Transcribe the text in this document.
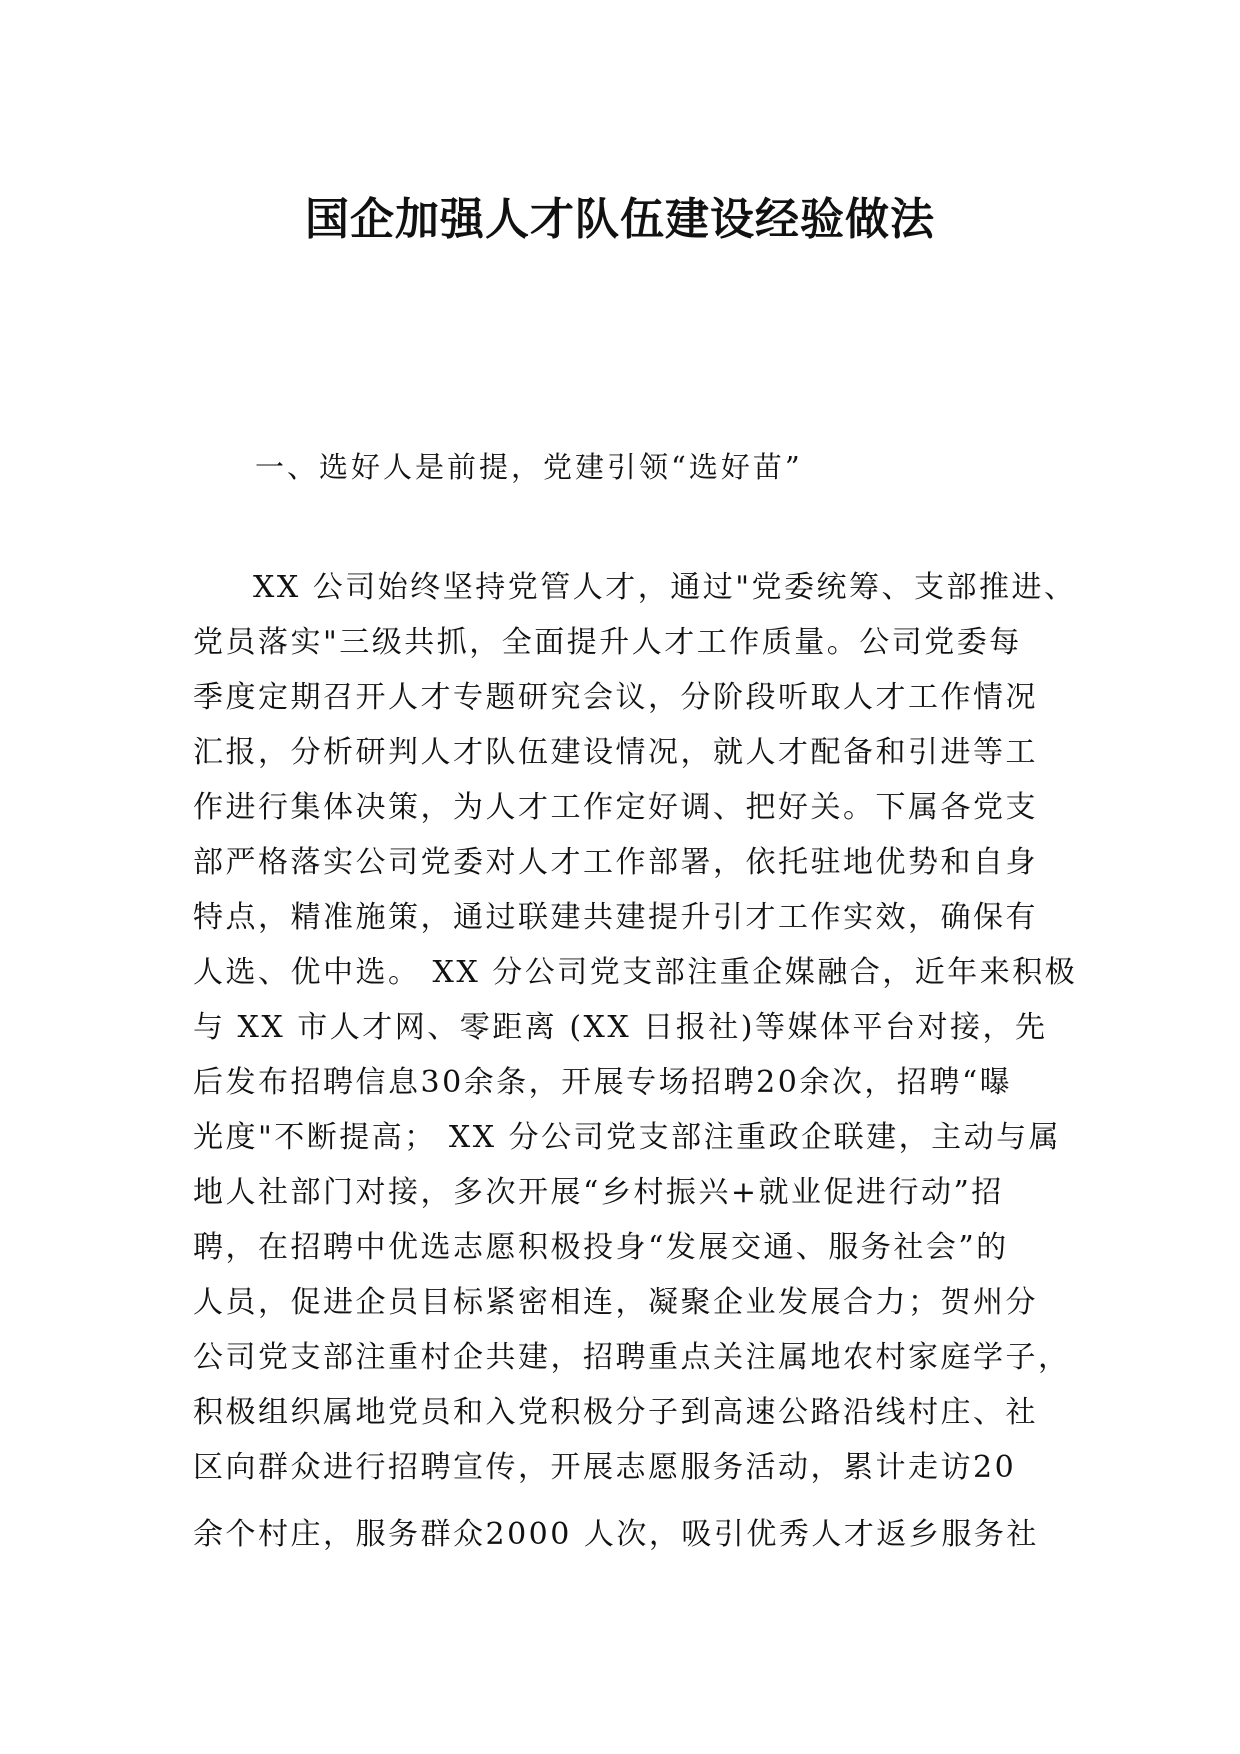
国企加强人才队伍建设经验做法
一、选好人是前提，党建引领“选好苗”
XX 公司始终坚持党管人才，通过"党委统筹、支部推进、
党员落实"三级共抓，全面提升人才工作质量。公司党委每
季度定期召开人才专题研究会议，分阶段听取人才工作情况
汇报，分析研判人才队伍建设情况，就人才配备和引进等工
作进行集体决策，为人才工作定好调、把好关。下属各党支
部严格落实公司党委对人才工作部署，依托驻地优势和自身
特点，精准施策，通过联建共建提升引才工作实效，确保有
人选、优中选。 XX 分公司党支部注重企媒融合，近年来积极
与 XX 市人才网、零距离 (XX 日报社)等媒体平台对接，先
后发布招聘信息30余条，开展专场招聘20余次，招聘“曝
光度"不断提高； XX 分公司党支部注重政企联建，主动与属
地人社部门对接，多次开展“乡村振兴+就业促进行动”招
聘，在招聘中优选志愿积极投身“发展交通、服务社会”的
人员，促进企员目标紧密相连，凝聚企业发展合力；贺州分
公司党支部注重村企共建，招聘重点关注属地农村家庭学子，
积极组织属地党员和入党积极分子到高速公路沿线村庄、社
区向群众进行招聘宣传，开展志愿服务活动，累计走访20
余个村庄，服务群众2000 人次，吸引优秀人才返乡服务社
